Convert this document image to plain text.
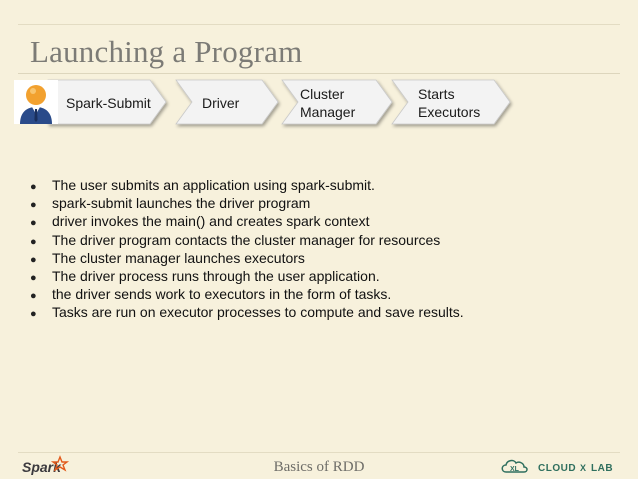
Launching a Program
Spark-Submit	Driver
Cluster
Manager
Starts
Executors
● The user submits an application using spark-submit.
● spark-submit launches the driver program
● driver invokes the main() and creates spark context
● The driver program contacts the cluster manager for resources
● The cluster manager launches executors
● The driver process runs through the user application.
● the driver sends work to executors in the form of tasks.
● Tasks are run on executor processes to compute and save results.
Spark	Basics of RDD	XL CLOUD X LAB
